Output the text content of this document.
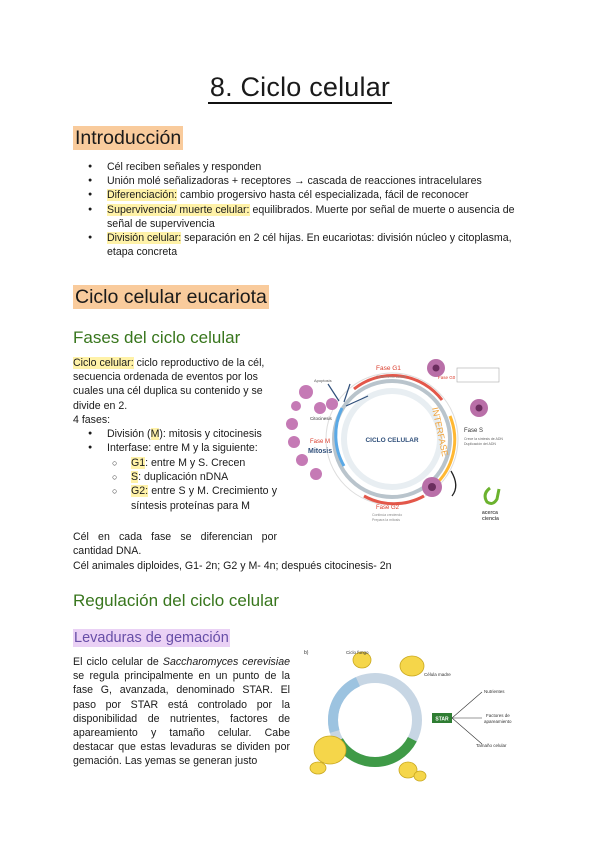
8. Ciclo celular
Introducción
● Cél reciben señales y responden
● Unión molé señalizadoras + receptores → cascada de reacciones intracelulares
● Diferenciación: cambio progersivo hasta cél especializada, fácil de reconocer
● Supervivencia/ muerte celular: equilibrados. Muerte por señal de muerte o ausencia de señal de supervivencia
● División celular: separación en 2 cél hijas. En eucariotas: división núcleo y citoplasma, etapa concreta
Ciclo celular eucariota
Fases del ciclo celular

Ciclo celular: ciclo reproductivo de la cél, secuencia ordenada de eventos por los cuales una cél duplica su contenido y se divide en 2.

4 fases:

● División (M): mitosis y citocinesis
● Interfase: entre M y la siguiente:
○ G1: entre M y S. Crecen
○ S: duplicación nDNA
○ G2: entre S y M. Crecimiento y síntesis proteínas para M

Cél en cada fase se diferencian por cantidad DNA.

Cél animales diploides, G1- 2n; G2 y M- 4n; después citocinesis- 2n

CICLO CELULAR INTERFASE
Fase G1
Crecimiento celular	Fase G0
Fase S
Crece la síntesis de ADN
Duplicación del ADN
Fase G2
Continúa creciendo
Prepara la mitosis
Fase M
Mitosis
Citocinesis
Apoptosis
acerca
ciencia
Regulación del ciclo celular
Levaduras de gemación

El ciclo celular de Saccharomyces cerevisiae se regula principalmente en un punto de la fase G, avanzada, denominado STAR. El paso por STAR está controlado por la disponibilidad de nutrientes, factores de apareamiento y tamaño celular. Cabe destacar que estas levaduras se dividen por gemación. Las yemas se generan justo

b)	Ciclo fungo
Célula madre
STAR
Nutrientes
Factores de
apareamiento
Tamaño celular
